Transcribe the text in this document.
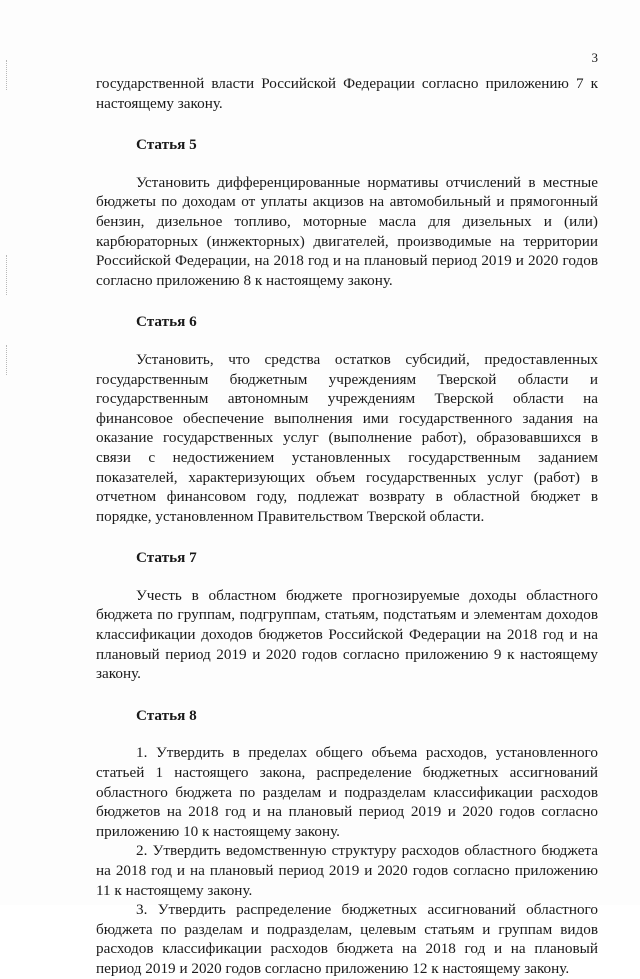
3

государственной власти Российской Федерации согласно приложению 7 к настоящему закону.

Статья 5

Установить дифференцированные нормативы отчислений в местные бюджеты по доходам от уплаты акцизов на автомобильный и прямогонный бензин, дизельное топливо, моторные масла для дизельных и (или) карбюраторных (инжекторных) двигателей, производимые на территории Российской Федерации, на 2018 год и на плановый период 2019 и 2020 годов согласно приложению 8 к настоящему закону.

Статья 6

Установить, что средства остатков субсидий, предоставленных государственным бюджетным учреждениям Тверской области и государственным автономным учреждениям Тверской области на финансовое обеспечение выполнения ими государственного задания на оказание государственных услуг (выполнение работ), образовавшихся в связи с недостижением установленных государственным заданием показателей, характеризующих объем государственных услуг (работ) в отчетном финансовом году, подлежат возврату в областной бюджет в порядке, установленном Правительством Тверской области.

Статья 7

Учесть в областном бюджете прогнозируемые доходы областного бюджета по группам, подгруппам, статьям, подстатьям и элементам доходов классификации доходов бюджетов Российской Федерации на 2018 год и на плановый период 2019 и 2020 годов согласно приложению 9 к настоящему закону.

Статья 8

1. Утвердить в пределах общего объема расходов, установленного статьей 1 настоящего закона, распределение бюджетных ассигнований областного бюджета по разделам и подразделам классификации расходов бюджетов на 2018 год и на плановый период 2019 и 2020 годов согласно приложению 10 к настоящему закону.

2. Утвердить ведомственную структуру расходов областного бюджета на 2018 год и на плановый период 2019 и 2020 годов согласно приложению 11 к настоящему закону.

3. Утвердить распределение бюджетных ассигнований областного бюджета по разделам и подразделам, целевым статьям и группам видов расходов классификации расходов бюджета на 2018 год и на плановый период 2019 и 2020 годов согласно приложению 12 к настоящему закону.
